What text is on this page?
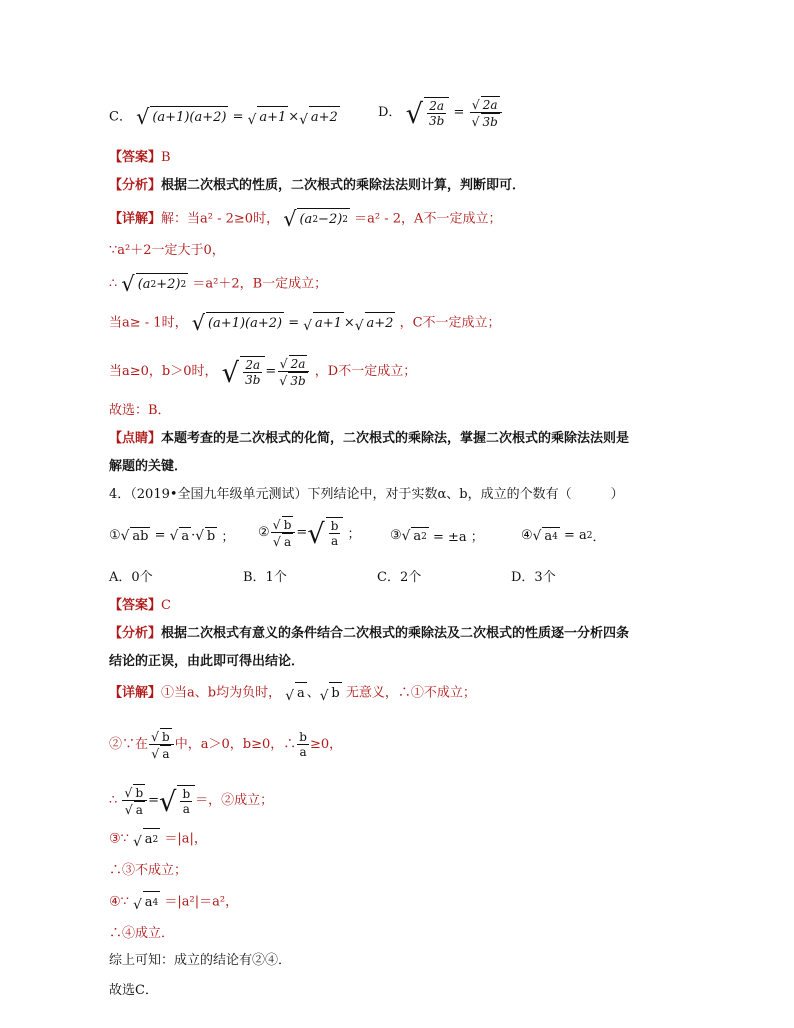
C． √ (a+1)(a+2) = √ a+1 × √ a+2	D． √ $\frac{2a}{3b} = \frac{√ 2a}{√ 3b}$
【答案】B
【分析】根据二次根式的性质，二次根式的乘除法法则计算，判断即可．
【详解】解：当a² - 2≥0时， √ (a 2 −2) 2 ＝a² - 2，A不一定成立；
∵a²＋2一定大于0，
∴ √ (a 2 +2) 2 ＝a²＋2，B一定成立；
当a≥ - 1时， √ (a+1)(a+2) = √ a+1 × √ a+2 ，C不一定成立；
当a≥0，b＞0时， √ $\frac{2a}{3b} = \frac{√ 2a}{√ 3b}$ ，D不一定成立；
故选：B．
【点睛】本题考查的是二次根式的化简，二次根式的乘除法，掌握二次根式的乘除法法则是
解题的关键．
4．（2019•全国九年级单元测试）下列结论中，对于实数α、b，成立的个数有（　　　）
① √ ab = √ a · √ b ； ② $\frac{√ b}{√ a}$ = √ $\frac{b}{a}$ ； ③ √ a 2 = ±a ；	④ √ a 4 = a 2 ．
A．0个	B．1个	C．2个	D．3个
【答案】C
【分析】根据二次根式有意义的条件结合二次根式的乘除法及二次根式的性质逐一分析四条
结论的正误，由此即可得出结论．
【详解】①当a、b均为负时， √ a 、 √ b 无意义，∴①不成立；
②∵在 $\frac{√ b}{√ a}$ 中，a＞0，b≥0，∴ $\frac{b}{a} \ge 0$，
∴
$\frac{√ b}{√ a}$ = √ $\frac{b}{a}$ ＝，②成立；
③∵ √ a 2 ＝|a|，
∴③不成立；
④∵ √ a 4 ＝|a²|＝a²，
∴④成立．
综上可知：成立的结论有②④．
故选C．
